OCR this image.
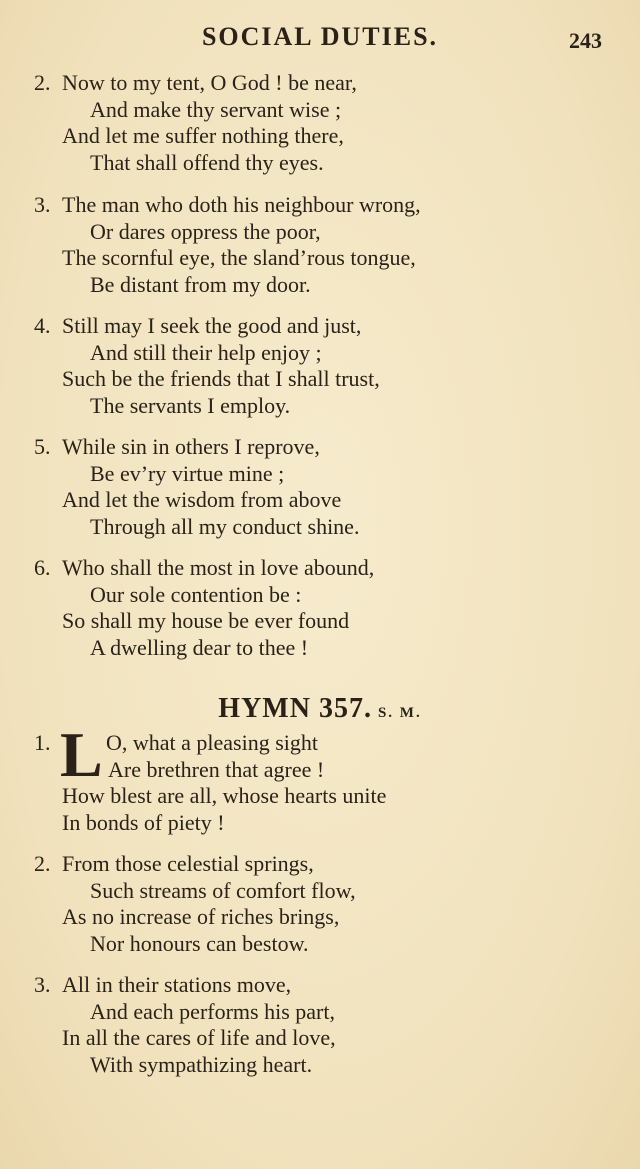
SOCIAL DUTIES.	243
2. Now to my tent, O God ! be near,
And make thy servant wise ;
And let me suffer nothing there,
That shall offend thy eyes.
3. The man who doth his neighbour wrong,
Or dares oppress the poor,
The scornful eye, the sland’rous tongue,
Be distant from my door.
4. Still may I seek the good and just,
And still their help enjoy ;
Such be the friends that I shall trust,
The servants I employ.
5. While sin in others I reprove,
Be ev’ry virtue mine ;
And let the wisdom from above
Through all my conduct shine.
6. Who shall the most in love abound,
Our sole contention be :
So shall my house be ever found
A dwelling dear to thee !
HYMN 357. S. M.
1.	O, what a pleasing sight
Are brethren that agree !
How blest are all, whose hearts unite
In bonds of piety !
L
2. From those celestial springs,
Such streams of comfort flow,
As no increase of riches brings,
Nor honours can bestow.
3. All in their stations move,
And each performs his part,
In all the cares of life and love,
With sympathizing heart.
